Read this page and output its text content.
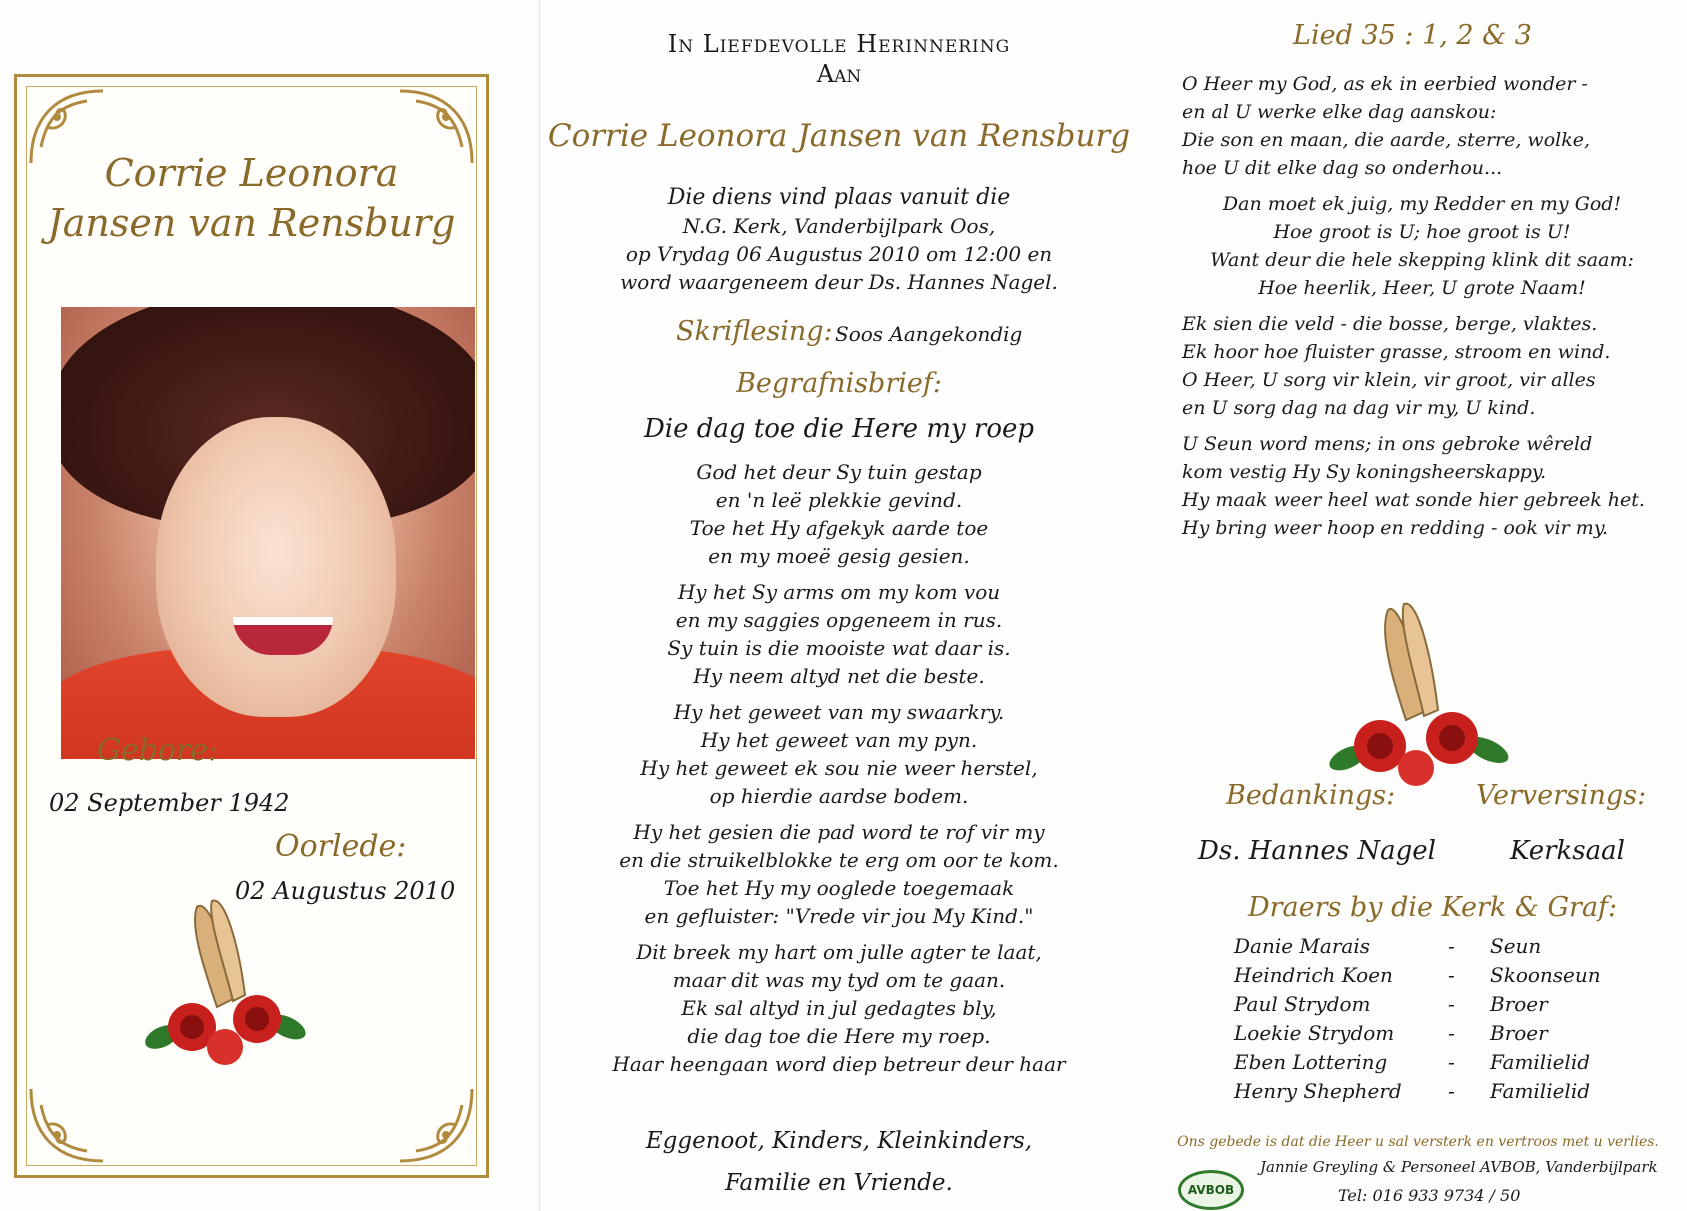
Corrie Leonora
Jansen van Rensburg
Gebore:
02 September 1942
Oorlede:
02 Augustus 2010
In Liefdevolle Herinnering
Aan
Corrie Leonora Jansen van Rensburg
Die diens vind plaas vanuit die
N.G. Kerk, Vanderbijlpark Oos,
op Vrydag 06 Augustus 2010 om 12:00 en
word waargeneem deur Ds. Hannes Nagel.
Skriflesing: Soos Aangekondig
Begrafnisbrief:
Die dag toe die Here my roep

God het deur Sy tuin gestap

en 'n leë plekkie gevind.

Toe het Hy afgekyk aarde toe

en my moeë gesig gesien.

Hy het Sy arms om my kom vou

en my saggies opgeneem in rus.

Sy tuin is die mooiste wat daar is.

Hy neem altyd net die beste.

Hy het geweet van my swaarkry.

Hy het geweet van my pyn.

Hy het geweet ek sou nie weer herstel,

op hierdie aardse bodem.

Hy het gesien die pad word te rof vir my

en die struikelblokke te erg om oor te kom.

Toe het Hy my ooglede toegemaak

en gefluister: "Vrede vir jou My Kind."

Dit breek my hart om julle agter te laat,

maar dit was my tyd om te gaan.

Ek sal altyd in jul gedagtes bly,

die dag toe die Here my roep.

Haar heengaan word diep betreur deur haar

Eggenoot, Kinders, Kleinkinders,
Familie en Vriende.
Lied 35 : 1, 2 & 3

O Heer my God, as ek in eerbied wonder -

en al U werke elke dag aanskou:

Die son en maan, die aarde, sterre, wolke,

hoe U dit elke dag so onderhou...

Dan moet ek juig, my Redder en my God!

Hoe groot is U; hoe groot is U!

Want deur die hele skepping klink dit saam:

Hoe heerlik, Heer, U grote Naam!

Ek sien die veld - die bosse, berge, vlaktes.

Ek hoor hoe fluister grasse, stroom en wind.

O Heer, U sorg vir klein, vir groot, vir alles

en U sorg dag na dag vir my, U kind.

U Seun word mens; in ons gebroke wêreld

kom vestig Hy Sy koningsheerskappy.

Hy maak weer heel wat sonde hier gebreek het.

Hy bring weer hoop en redding - ook vir my.

Bedankings:	Verversings:
Ds. Hannes Nagel	Kerksaal
Draers by die Kerk & Graf:
Danie Marais	- Seun
Heindrich Koen	- Skoonseun
Paul Strydom	- Broer
Loekie Strydom	- Broer
Eben Lottering	- Familielid
Henry Shepherd - Familielid
Ons gebede is dat die Heer u sal versterk en vertroos met u verlies.
AVBOB
Jannie Greyling & Personeel AVBOB, Vanderbijlpark
Tel: 016 933 9734 / 50
